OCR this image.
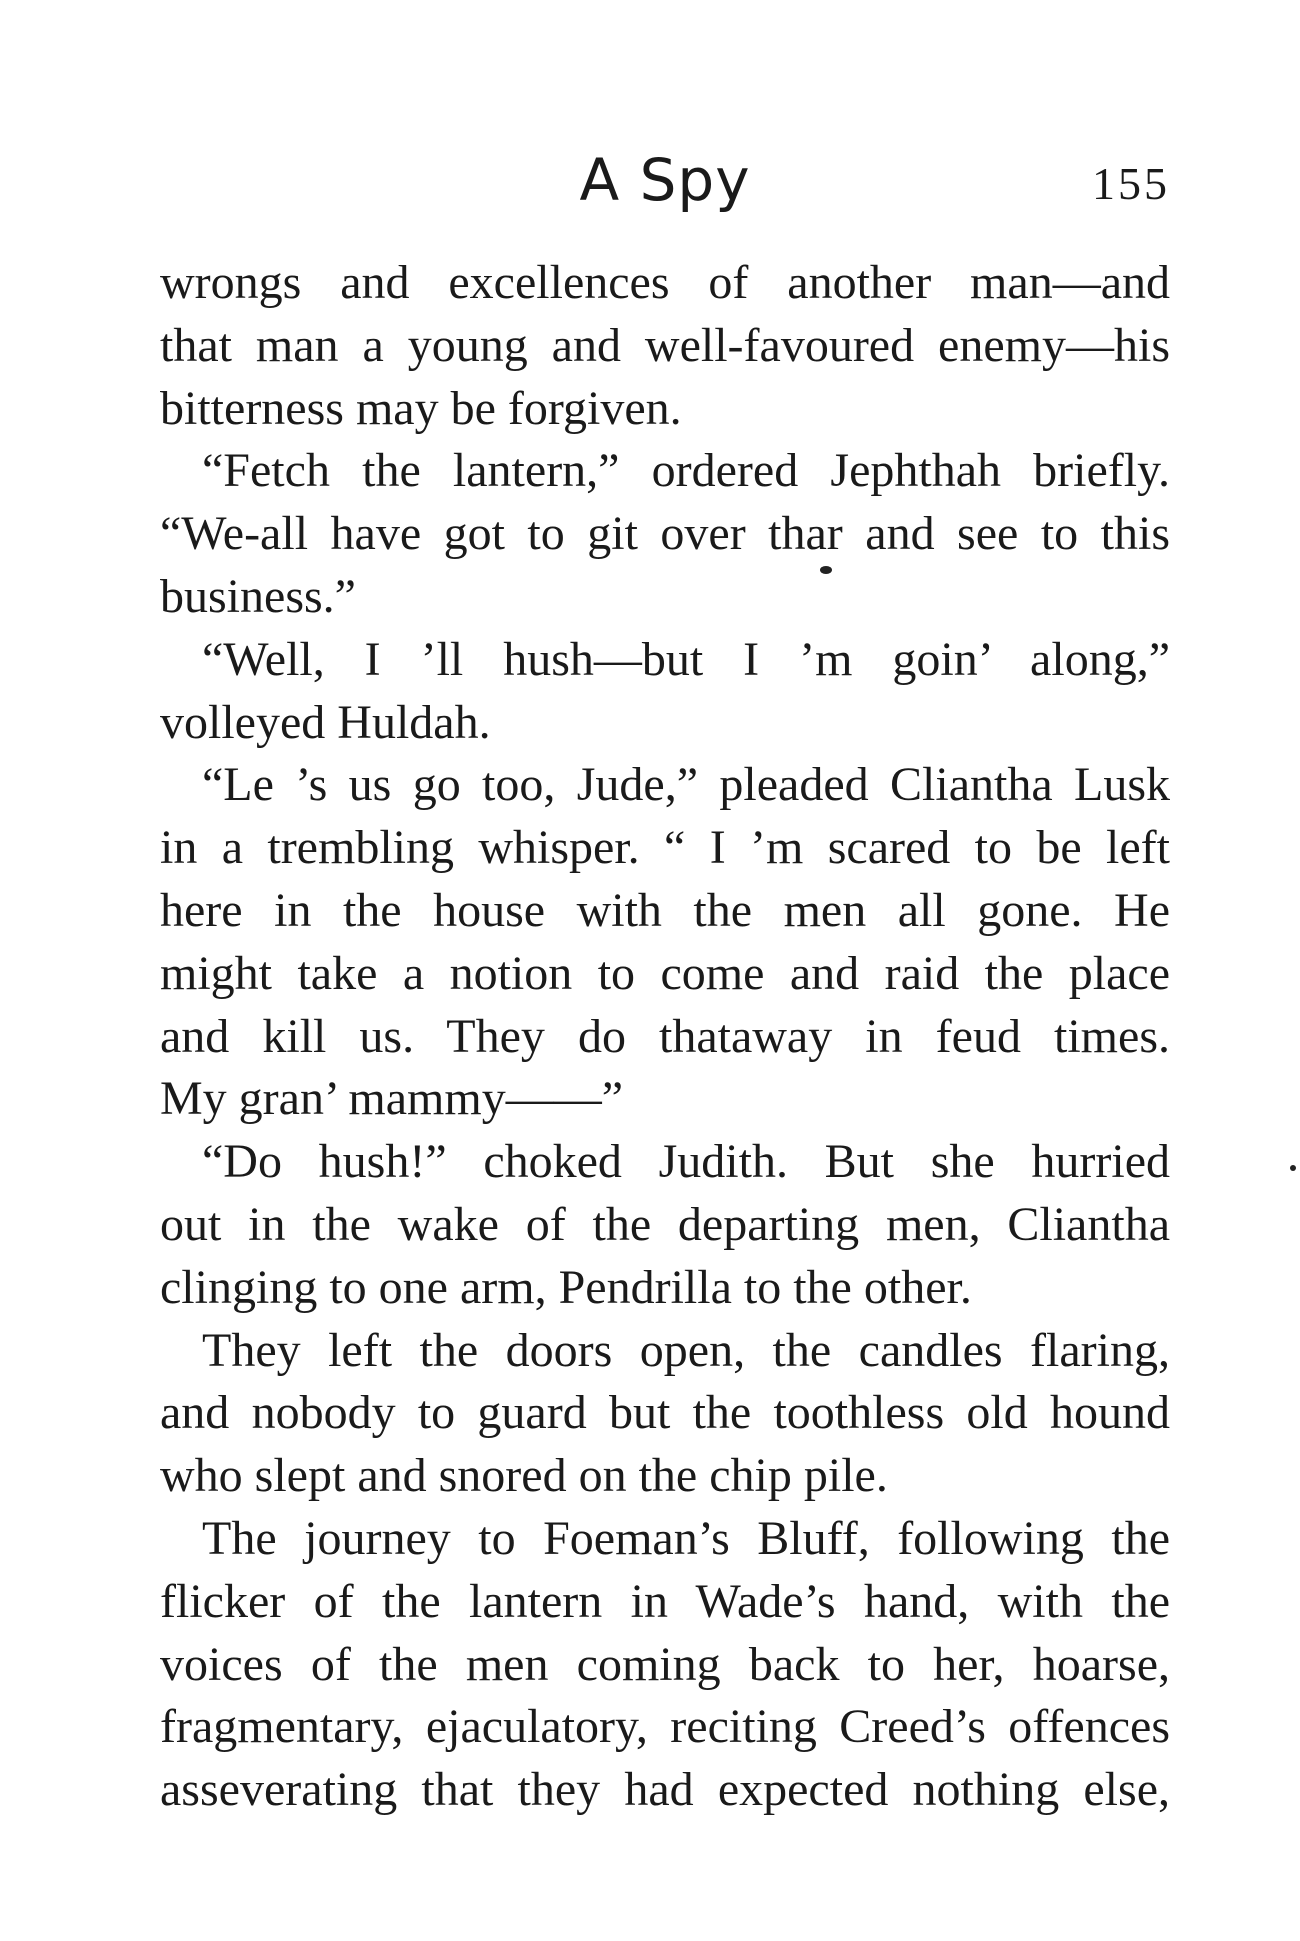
A Spy	155
wrongs and excellences of another man—and
that man a young and well-favoured enemy—his
bitterness may be forgiven.
“Fetch the lantern,” ordered Jephthah briefly.
“We-all have got to git over thar and see to this
business.”
“Well, I ’ll hush—but I ’m goin’ along,”
volleyed Huldah.
“Le ’s us go too, Jude,” pleaded Cliantha Lusk
in a trembling whisper. “ I ’m scared to be left
here in the house with the men all gone. He
might take a notion to come and raid the place
and kill us. They do thataway in feud times.
My gran’ mammy——”
“Do hush!” choked Judith. But she hurried
out in the wake of the departing men, Cliantha
clinging to one arm, Pendrilla to the other.
They left the doors open, the candles flaring,
and nobody to guard but the toothless old hound
who slept and snored on the chip pile.
The journey to Foeman’s Bluff, following the
flicker of the lantern in Wade’s hand, with the
voices of the men coming back to her, hoarse,
fragmentary, ejaculatory, reciting Creed’s offences
asseverating that they had expected nothing else,
